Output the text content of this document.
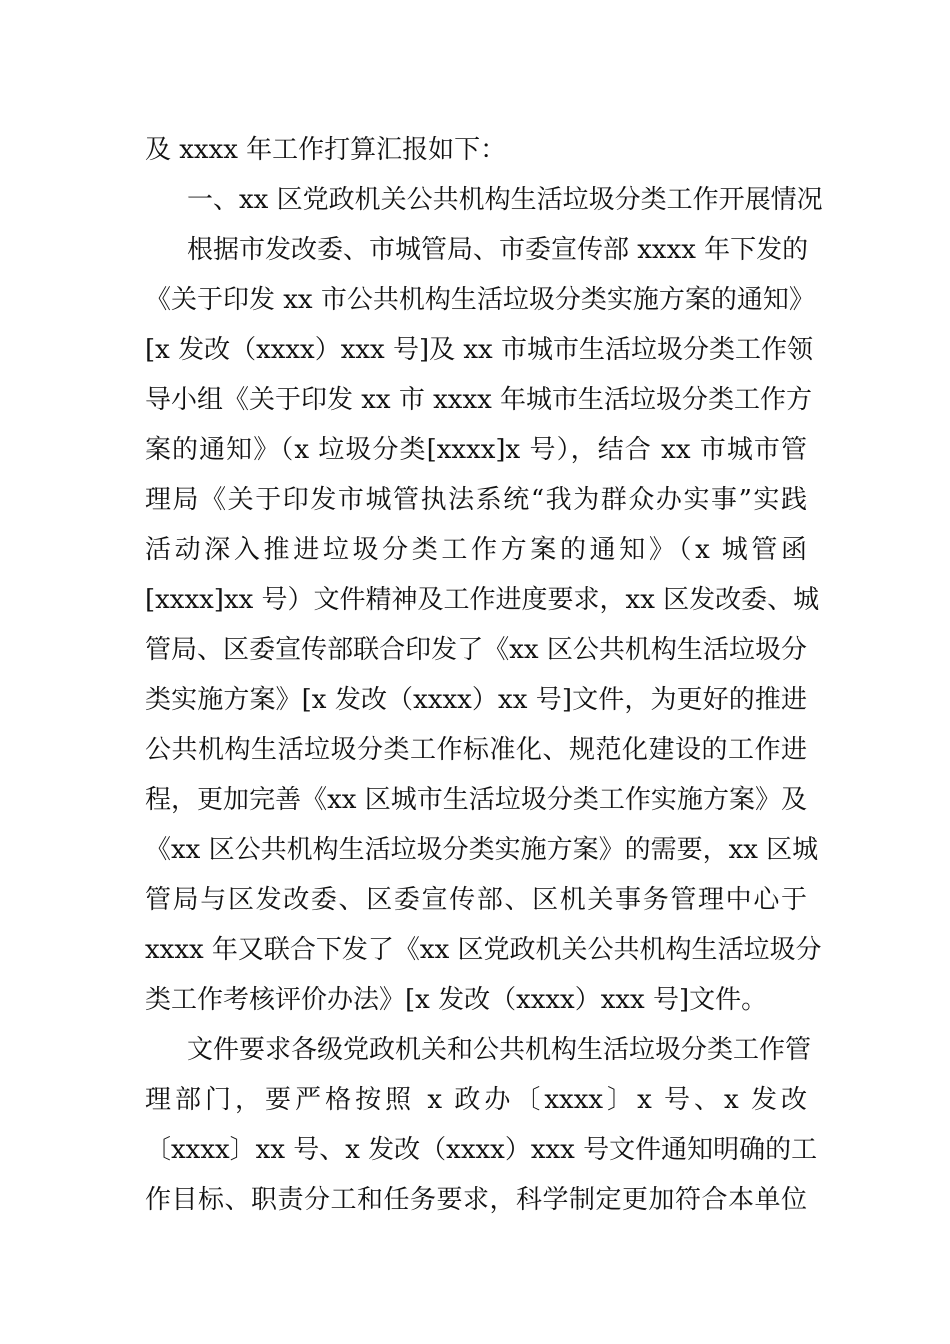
及 xxxx 年工作打算汇报如下：
一、xx 区党政机关公共机构生活垃圾分类工作开展情况
根据市发改委、市城管局、市委宣传部 xxxx 年下发的
《关于印发 xx 市公共机构生活垃圾分类实施方案的通知》
[x 发改（xxxx）xxx 号]及 xx 市城市生活垃圾分类工作领
导小组《关于印发 xx 市 xxxx 年城市生活垃圾分类工作方
案的通知》（x 垃圾分类[xxxx]x 号），结合 xx 市城市管
理局《关于印发市城管执法系统“我为群众办实事”实践
活动深入推进垃圾分类工作方案的通知》（x 城管函
[xxxx]xx 号）文件精神及工作进度要求，xx 区发改委、城
管局、区委宣传部联合印发了《xx 区公共机构生活垃圾分
类实施方案》[x 发改（xxxx）xx 号]文件，为更好的推进
公共机构生活垃圾分类工作标准化、规范化建设的工作进
程，更加完善《xx 区城市生活垃圾分类工作实施方案》及
《xx 区公共机构生活垃圾分类实施方案》的需要，xx 区城
管局与区发改委、区委宣传部、区机关事务管理中心于
xxxx 年又联合下发了《xx 区党政机关公共机构生活垃圾分
类工作考核评价办法》[x 发改（xxxx）xxx 号]文件。
文件要求各级党政机关和公共机构生活垃圾分类工作管
理部门，要严格按照 x 政办〔xxxx〕x 号、x 发改
〔xxxx〕xx 号、x 发改（xxxx）xxx 号文件通知明确的工
作目标、职责分工和任务要求，科学制定更加符合本单位
